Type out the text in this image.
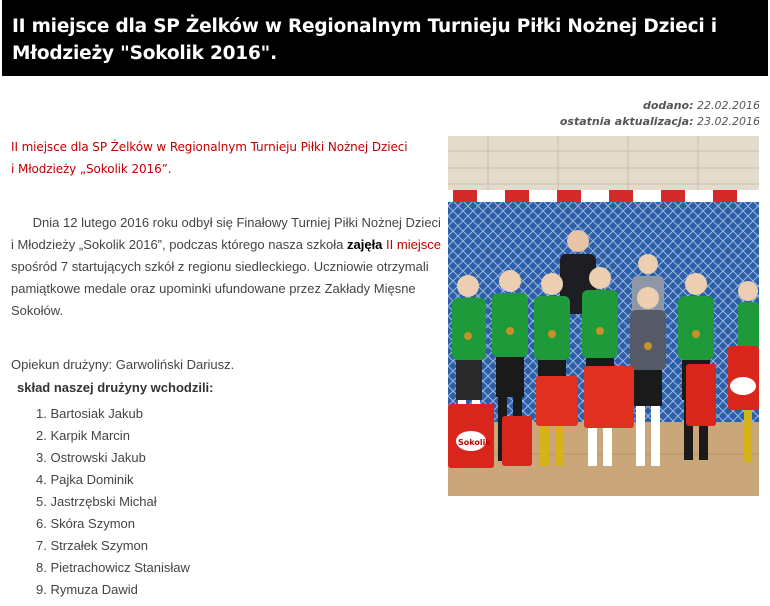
II miejsce dla SP Żelków w Regionalnym Turnieju Piłki Nożnej Dzieci i Młodzieży "Sokolik 2016".
dodano: 22.02.2016
ostatnia aktualizacja: 23.02.2016
II miejsce dla SP Żelków w Regionalnym Turnieju Piłki Nożnej Dzieci
i Młodzieży „Sokolik 2016”.
Sokolik
Dnia 12 lutego 2016 roku odbył się Finałowy Turniej Piłki Nożnej Dzieci i Młodzieży „Sokolik 2016”, podczas którego nasza szkoła zajęła II miejsce spośród 7 startujących szkół z regionu siedleckiego. Uczniowie otrzymali pamiątkowe medale oraz upominki ufundowane przez Zakłady Mięsne Sokołów.
Opiekun drużyny: Garwoliński Dariusz.
skład naszej drużyny wchodzili:
1. Bartosiak Jakub
2. Karpik Marcin
3. Ostrowski Jakub
4. Pajka Dominik
5. Jastrzębski Michał
6. Skóra Szymon
7. Strzałek Szymon
8. Pietrachowicz Stanisław
9. Rymuza Dawid
